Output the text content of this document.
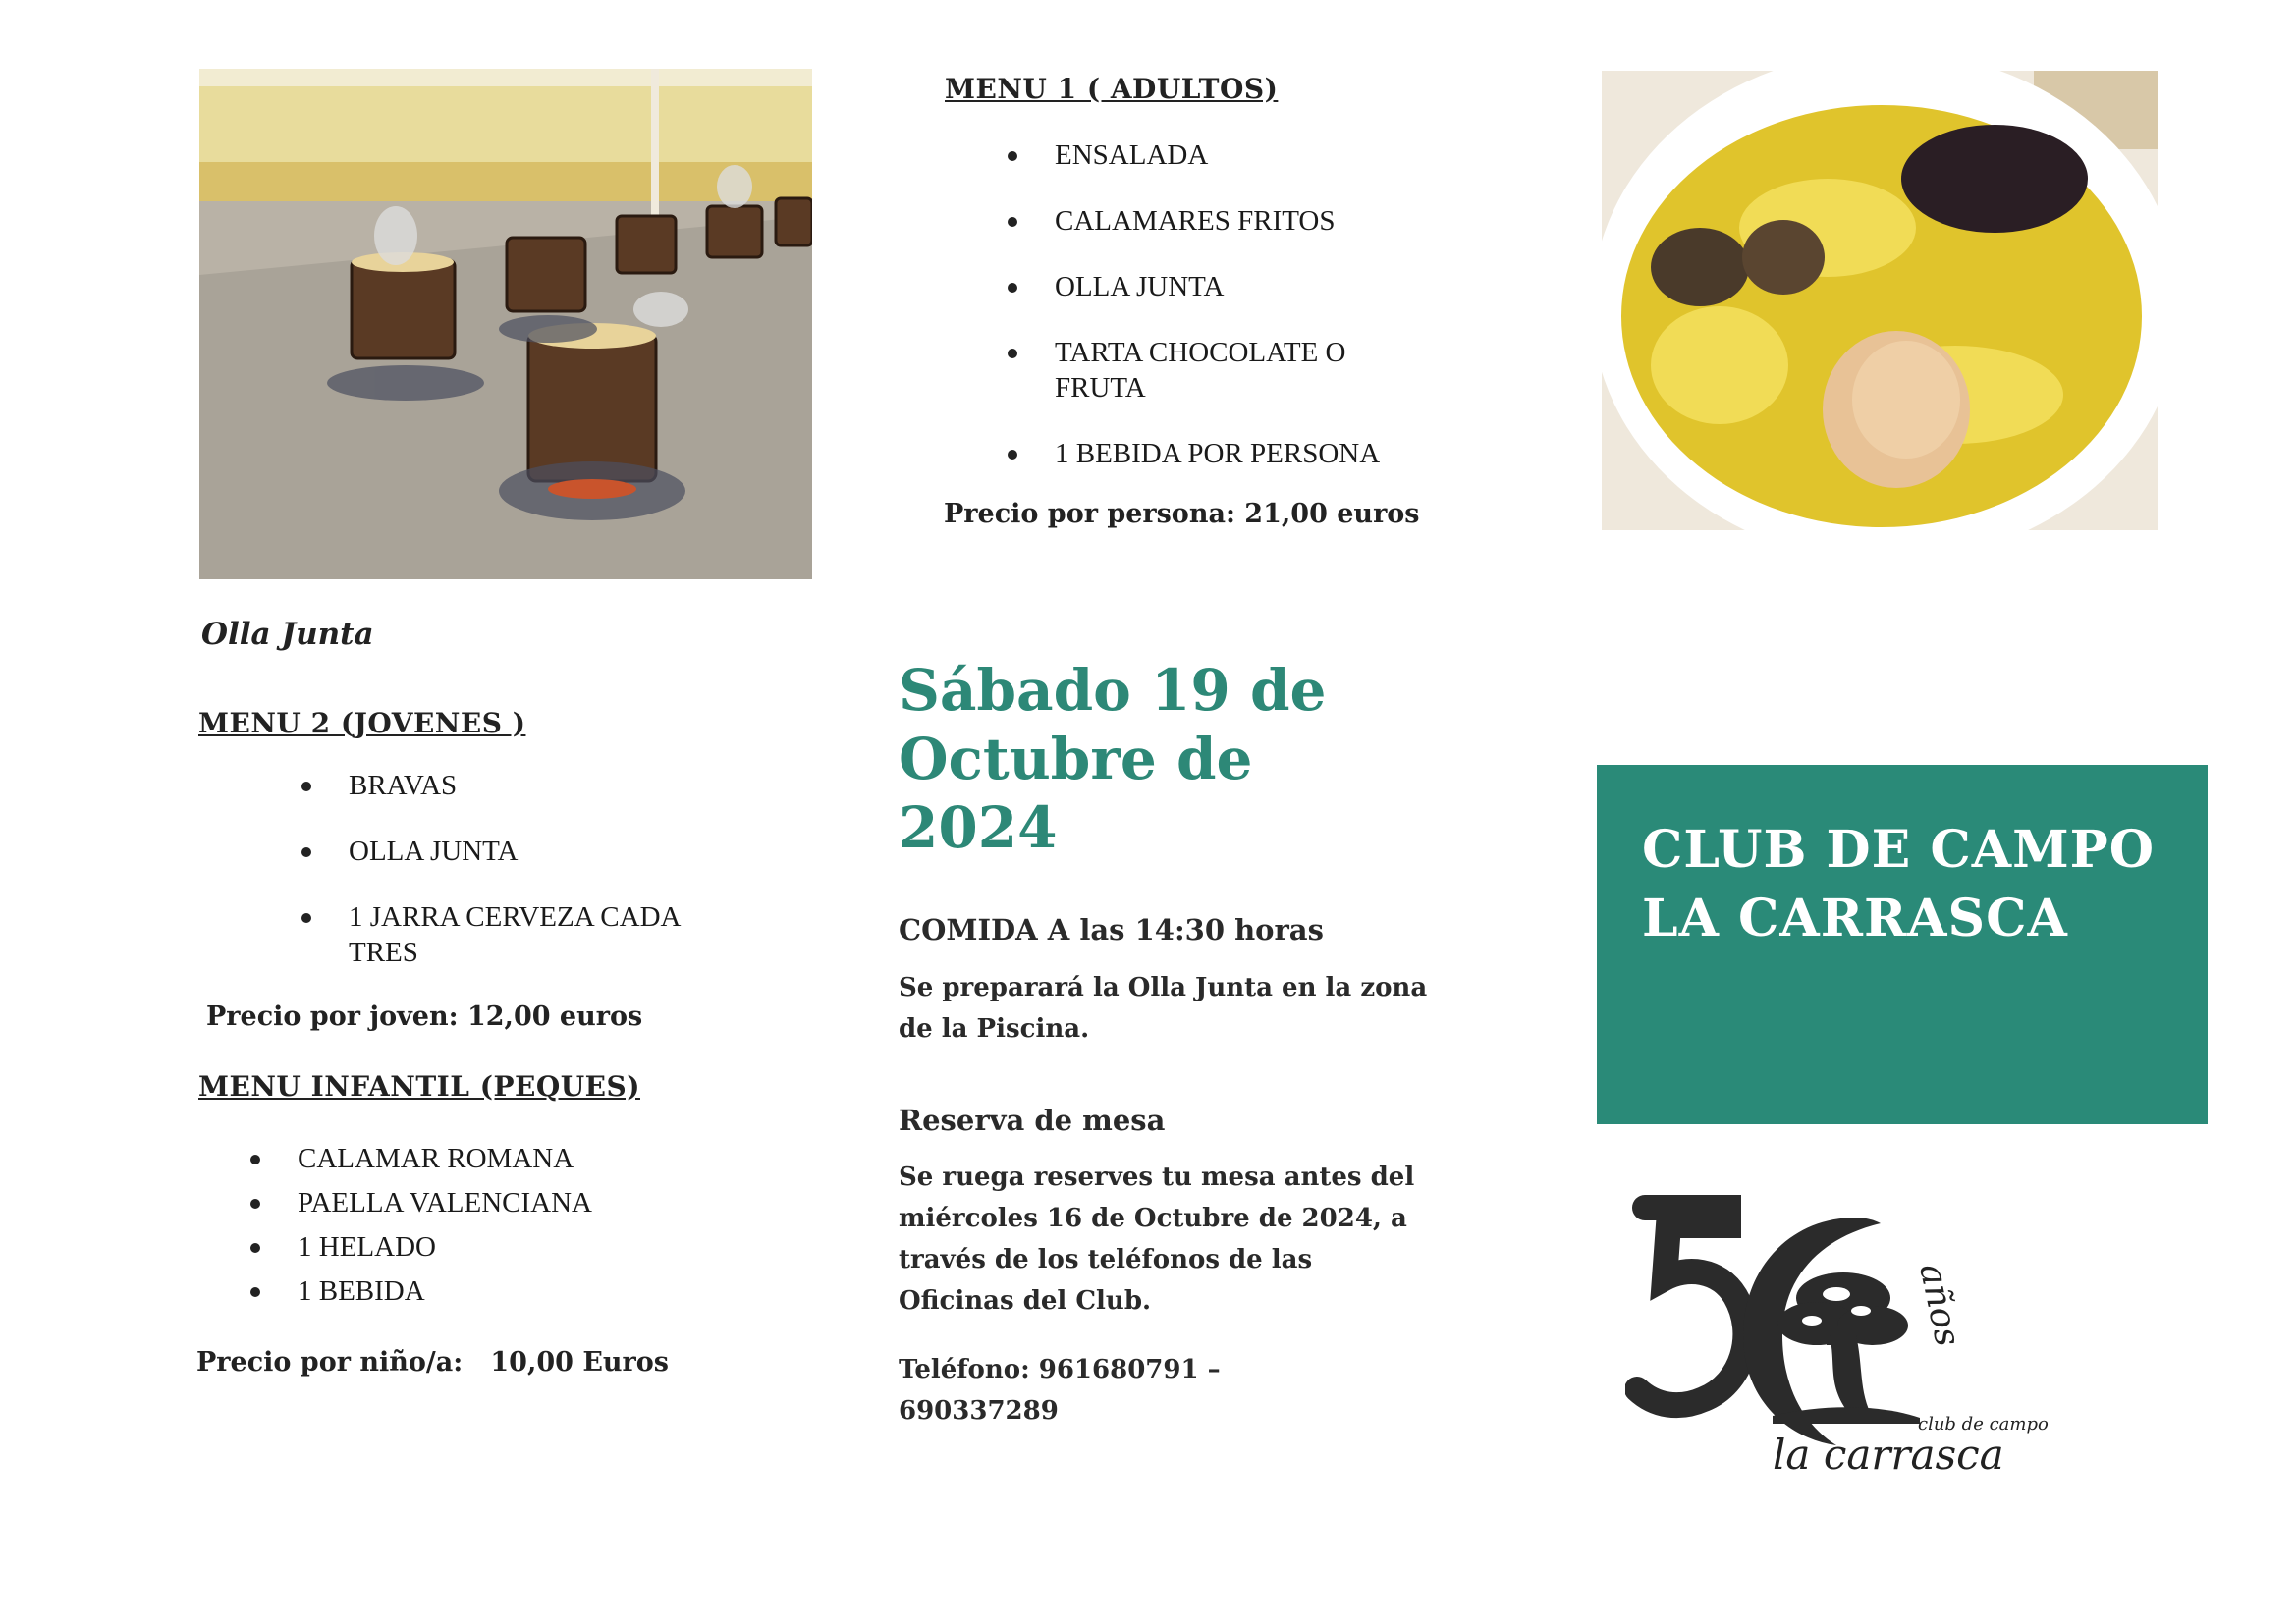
Olla Junta
MENU 2 (JOVENES )
BRAVAS
OLLA JUNTA
1 JARRA CERVEZA CADA TRES
Precio por joven: 12,00 euros
MENU INFANTIL (PEQUES)
CALAMAR ROMANA
PAELLA VALENCIANA
1 HELADO
1 BEBIDA
Precio por niño/a:   10,00 Euros
MENU 1 ( ADULTOS)
ENSALADA
CALAMARES FRITOS
OLLA JUNTA
TARTA CHOCOLATE O FRUTA
1 BEBIDA POR PERSONA
Precio por persona: 21,00 euros
Sábado 19 de Octubre de 2024
COMIDA A las 14:30 horas
Se preparará la Olla Junta en la zona de la Piscina.
Reserva de mesa
Se ruega reserves tu mesa antes del miércoles 16 de Octubre de 2024, a través de los teléfonos de las Oficinas del Club.
Teléfono: 961680791 – 690337289
CLUB DE CAMPO LA CARRASCA
años
club de campo
la carrasca
